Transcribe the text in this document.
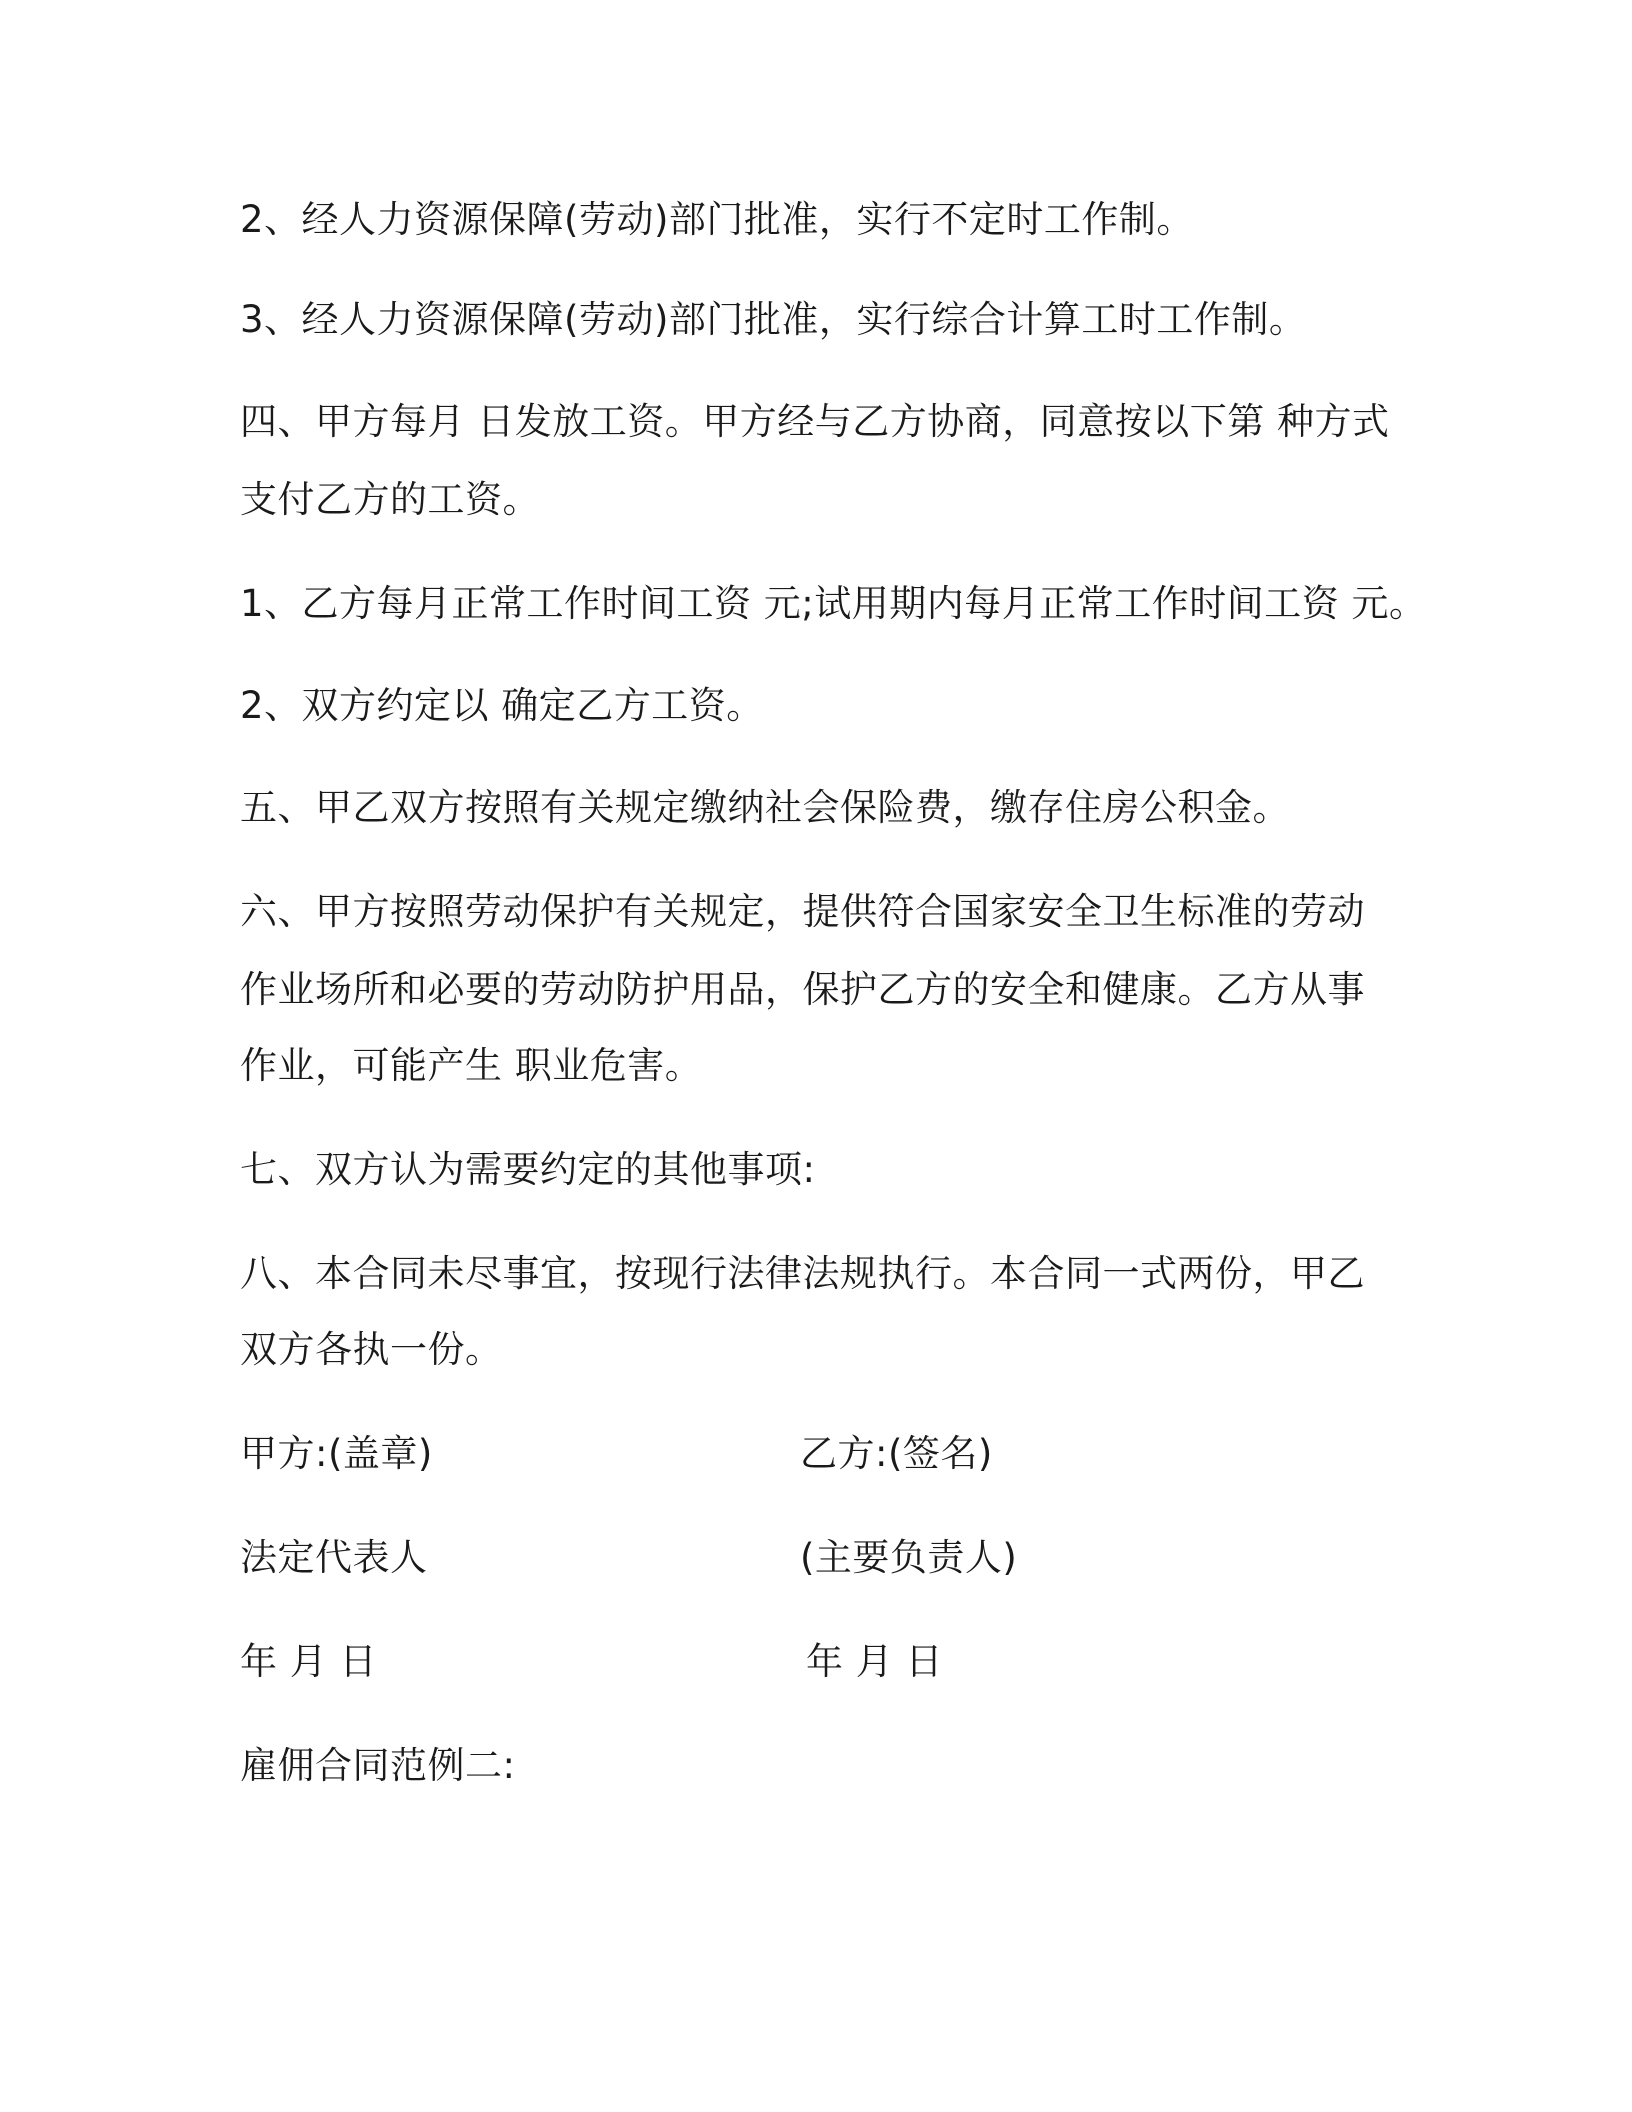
2、经人力资源保障(劳动)部门批准，实行不定时工作制。
3、经人力资源保障(劳动)部门批准，实行综合计算工时工作制。
四、甲方每月 日发放工资。甲方经与乙方协商，同意按以下第 种方式
支付乙方的工资。
1、乙方每月正常工作时间工资 元;试用期内每月正常工作时间工资 元。
2、双方约定以 确定乙方工资。
五、甲乙双方按照有关规定缴纳社会保险费，缴存住房公积金。
六、甲方按照劳动保护有关规定，提供符合国家安全卫生标准的劳动
作业场所和必要的劳动防护用品，保护乙方的安全和健康。乙方从事
作业，可能产生 职业危害。
七、双方认为需要约定的其他事项:
八、本合同未尽事宜，按现行法律法规执行。本合同一式两份，甲乙
双方各执一份。
甲方:(盖章)	乙方:(签名)
法定代表人	(主要负责人)
年 月 日	年 月 日
雇佣合同范例二:
